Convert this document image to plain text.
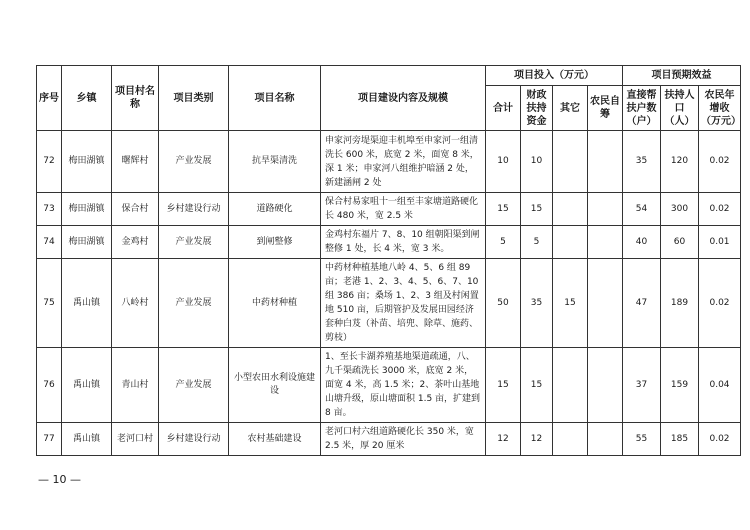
序号	乡镇	项目村名称	项目类别	项目名称	项目建设内容及规模	项目投入（万元）				项目预期效益		
						合计	财政扶持资金	其它	农民自筹	直接帮扶户数（户）	扶持人口（人）	农民年增收（万元）
72	梅田湖镇	曙辉村	产业发展	抗旱渠清洗	申家河旁堤渠迎丰机埠至申家河一组清洗长 600 米，底宽 2 米，面宽 8 米，深 1 米；申家河八组维护暗涵 2 处，新建涵闸 2 处	10	10			35	120	0.02
73	梅田湖镇	保合村	乡村建设行动	道路硬化	保合村易家咀十一组至丰家塘道路硬化长 480 米，宽 2.5 米	15	15			54	300	0.02
74	梅田湖镇	金鸡村	产业发展	到闸整修	金鸡村东福片 7、8、10 组朝阳渠到闸整修 1 处，长 4 米，宽 3 米。	5	5			40	60	0.01
75	禹山镇	八岭村	产业发展	中药材种植	中药材种植基地八岭 4、5、6 组 89 亩；老港 1、2、3、4、5、6、7、10 组 386 亩；桑场 1、2、3 组及村闲置地 510 亩，后期管护及发展田园经济套种白芨（补苗、培兜、除草、施药、剪枝）	50	35	15		47	189	0.02
76	禹山镇	青山村	产业发展	小型农田水利设施建设	1、至长卡湖养殖基地渠道疏通，八、九千渠疏洗长 3000 米，底宽 2 米，面宽 4 米，高 1.5 米；2、茶叶山基地山塘升级，原山塘面积 1.5 亩，扩建到 8 亩。	15	15			37	159	0.04
77	禹山镇	老河口村	乡村建设行动	农村基础建设	老河口村六组道路硬化长 350 米，宽 2.5 米，厚 20 厘米	12	12			55	185	0.02
— 10 —
